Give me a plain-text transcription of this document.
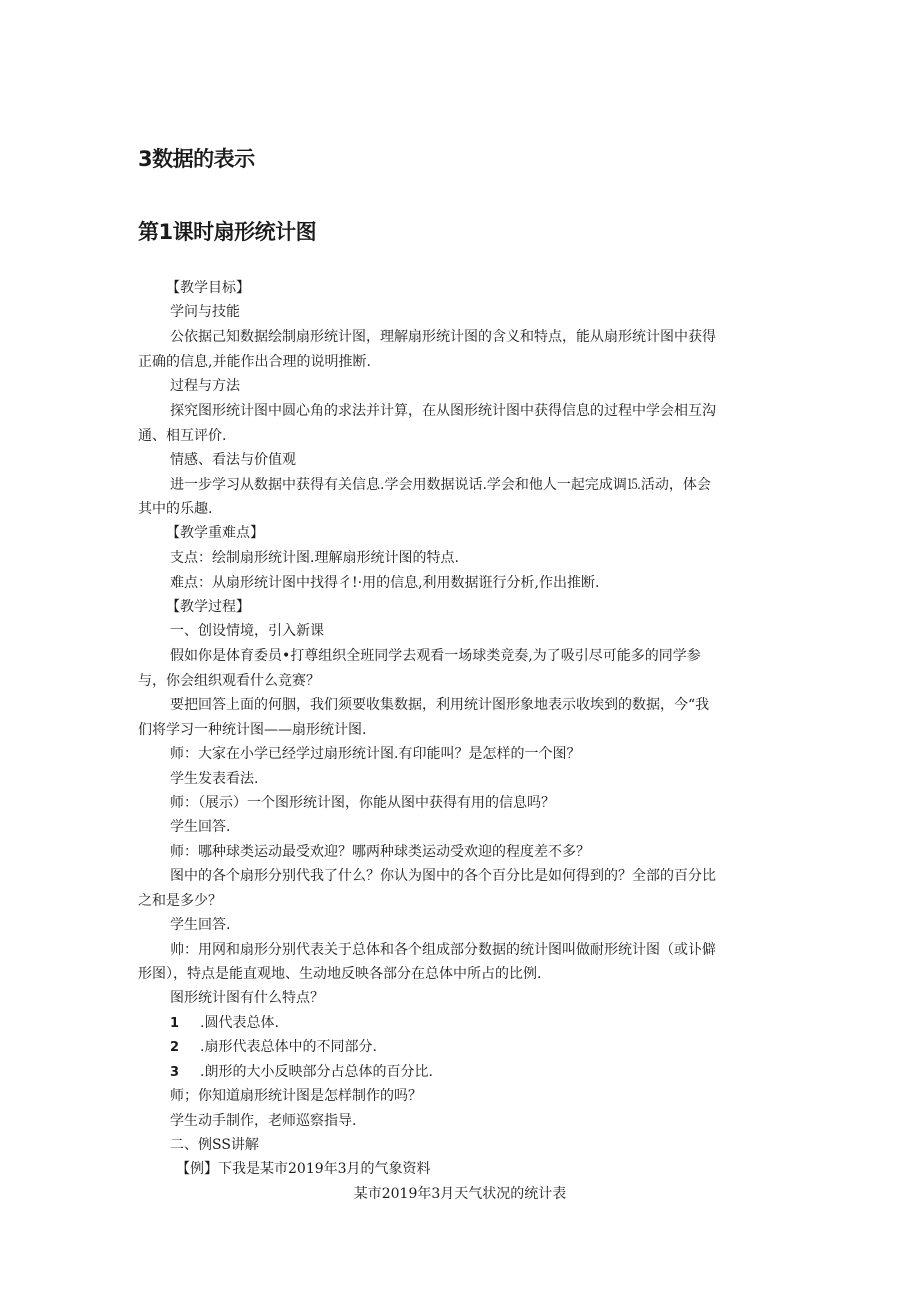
3数据的表示
第1课时扇形统计图
【教学目标】
学问与技能
公依据己知数据绘制扇形统计图，理解扇形统计图的含义和特点，能从扇形统计图中获得
正确的信息,并能作出合理的说明推断.
过程与方法
探究图形统计图中圆心角的求法并计算，在从图形统计图中获得信息的过程中学会相互沟
通、相互评价.
情感、看法与价值观
进一步学习从数据中获得有关信息.学会用数据说话.学会和他人一起完成调⒖活动，体会
其中的乐趣.
【教学重难点】
支点：绘制扇形统计图.理解扇形统计图的特点.
难点：从扇形统计图中找得彳!·用的信息,利用数据诳行分析,作出推断.
【教学过程】
一、创设情境，引入新课
假如你是体育委员•打尊组织全班同学去观看一场球类竞奏,为了吸引尽可能多的同学参
与，你会组织观看什么竞赛？
要把回答上面的何胭，我们须要收集数据，利用统计图形象地表示收埃到的数据，今“我
们将学习一种统计图——扇形统计图.
师：大家在小学已经学过扇形统计图.有印能叫？是怎样的一个图？
学生发表看法.
师：（展示）一个图形统计图，你能从图中获得有用的信息吗？
学生回答.
师：哪种球类运动最受欢迎？哪两种球类运动受欢迎的程度差不多？
图中的各个扇形分别代我了什么？你认为图中的各个百分比是如何得到的？全部的百分比
之和是多少？
学生回答.
帅：用网和扇形分别代表关于总体和各个组成部分数据的统计图叫做耐形统计图（或讣僻
形图），特点是能直观地、生动地反映各部分在总体中所占的比例.
图形统计图有什么特点？
1 .圆代表总体.
2 .扇形代表总体中的不同部分.
3 .朗形的大小反映部分占总体的百分比.
师；你知道扇形统计图是怎样制作的吗？
学生动手制作，老师巡察指导.
二、例SS讲解
【例】下我是某市2019年3月的气象资料
某市2019年3月天气状况的统计表
